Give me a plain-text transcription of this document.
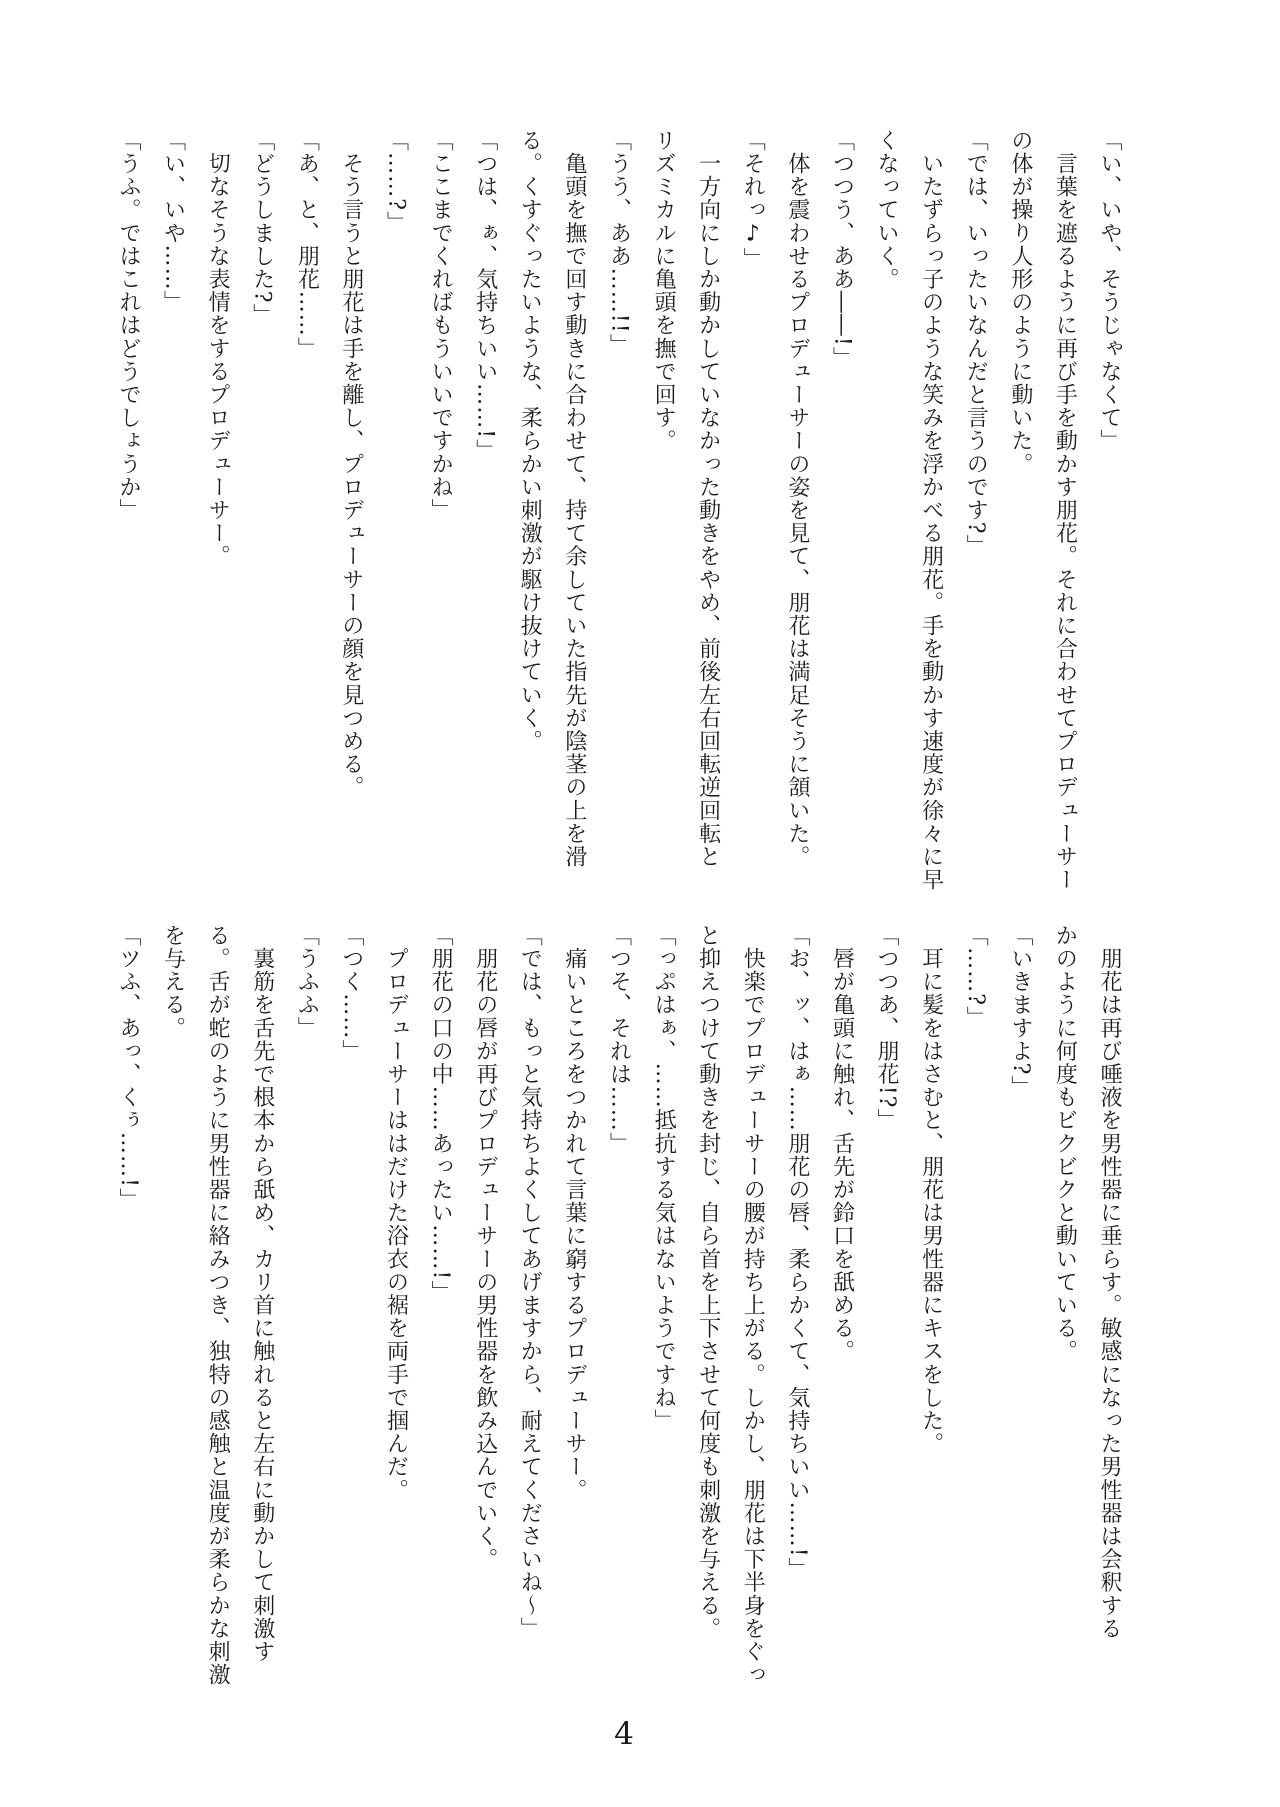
「い、いや、そうじゃなくて」

　言葉を遮るように再び手を動かす朋花。それに合わせてプロデューサー

の体が操り人形のように動いた。

「では、いったいなんだと言うのです?」

　いたずらっ子のような笑みを浮かべる朋花。手を動かす速度が徐々に早

くなっていく。

「つつう、ああ――!」

　体を震わせるプロデューサーの姿を見て、朋花は満足そうに頷いた。

「それっ♪」

　一方向にしか動かしていなかった動きをやめ、前後左右回転逆回転と

リズミカルに亀頭を撫で回す。

「うう、ああ……!!」

　亀頭を撫で回す動きに合わせて、持て余していた指先が陰茎の上を滑

る。くすぐったいような、柔らかい刺激が駆け抜けていく。

「つは、ぁ、気持ちいい……!」

「ここまでくればもういいですかね」

「……?」

　そう言うと朋花は手を離し、プロデューサーの顔を見つめる。

「あ、と、朋花……」

「どうしました?」

　切なそうな表情をするプロデューサー。

「い、いや……」

「うふ。ではこれはどうでしょうか」

　朋花は再び唾液を男性器に垂らす。敏感になった男性器は会釈する

かのように何度もビクビクと動いている。

「いきますよ?」

「……?」

　耳に髪をはさむと、朋花は男性器にキスをした。

「つつあ、朋花!?」

　唇が亀頭に触れ、舌先が鈴口を舐める。

「お、ッ、はぁ……朋花の唇、柔らかくて、気持ちいい……!」

　快楽でプロデューサーの腰が持ち上がる。しかし、朋花は下半身をぐっ

と抑えつけて動きを封じ、自ら首を上下させて何度も刺激を与える。

「っぷはぁ、……抵抗する気はないようですね」

「つそ、それは……」

　痛いところをつかれて言葉に窮するプロデューサー。

「では、もっと気持ちよくしてあげますから、耐えてくださいね〜」

　朋花の唇が再びプロデューサーの男性器を飲み込んでいく。

「朋花の口の中……あったい……!」

　プロデューサーははだけた浴衣の裾を両手で掴んだ。

「つく……」

「うふふ」

　裏筋を舌先で根本から舐め、カリ首に触れると左右に動かして刺激す

る。舌が蛇のように男性器に絡みつき、独特の感触と温度が柔らかな刺激

を与える。

「ツふ、あっ、くぅ……!」

4
